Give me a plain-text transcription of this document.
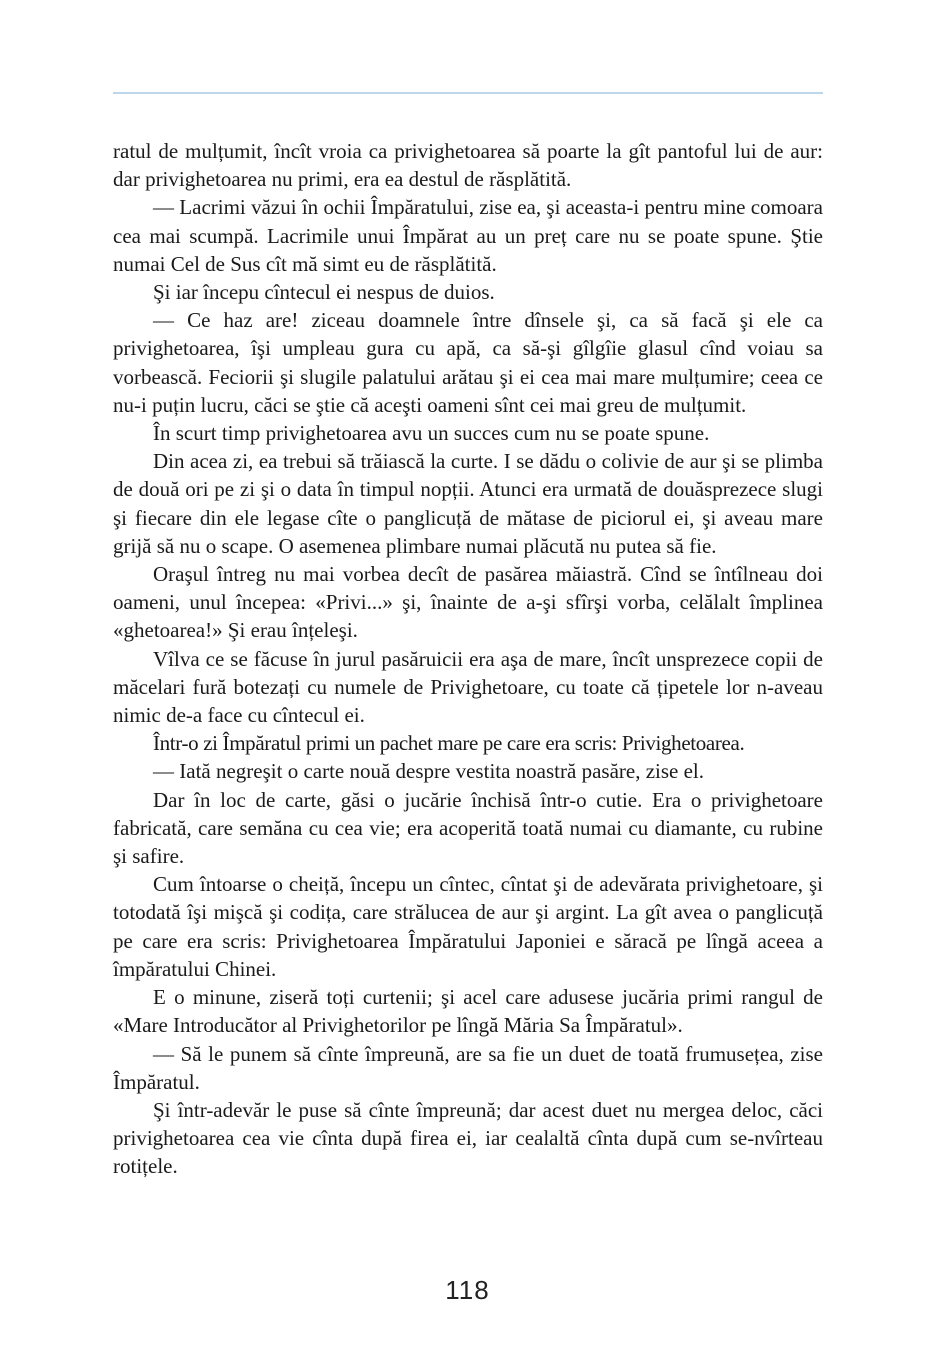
ratul de mulțumit, încît vroia ca privighetoarea să poarte la gît pantoful lui de aur: dar privighetoarea nu primi, era ea destul de răsplătită.

— Lacrimi văzui în ochii Împăratului, zise ea, şi aceasta-i pentru mine comoara cea mai scumpă. Lacrimile unui Împărat au un preț care nu se poate spune. Ştie numai Cel de Sus cît mă simt eu de răsplătită.

Şi iar începu cîntecul ei nespus de duios.

— Ce haz are! ziceau doamnele între dînsele şi, ca să facă şi ele ca privighetoarea, îşi umpleau gura cu apă, ca să-şi gîlgîie glasul cînd voiau sa vorbească. Feciorii şi slugile palatului arătau şi ei cea mai mare mulțumire; ceea ce nu-i puțin lucru, căci se ştie că aceşti oameni sînt cei mai greu de mulțumit.

În scurt timp privighetoarea avu un succes cum nu se poate spune.

Din acea zi, ea trebui să trăiască la curte. I se dădu o colivie de aur şi se plimba de două ori pe zi şi o data în timpul nopții. Atunci era urmată de douăsprezece slugi şi fiecare din ele legase cîte o panglicuță de mătase de piciorul ei, şi aveau mare grijă să nu o scape. O asemenea plimbare numai plăcută nu putea să fie.

Oraşul întreg nu mai vorbea decît de pasărea măiastră. Cînd se întîlneau doi oameni, unul începea: «Privi...» şi, înainte de a-şi sfîrşi vorba, celălalt împlinea «ghetoarea!» Şi erau înțeleşi.

Vîlva ce se făcuse în jurul pasăruicii era aşa de mare, încît unsprezece copii de măcelari fură botezați cu numele de Privighetoare, cu toate că țipetele lor n-aveau nimic de-a face cu cîntecul ei.

Într-o zi Împăratul primi un pachet mare pe care era scris: Privighetoarea.

— Iată negreşit o carte nouă despre vestita noastră pasăre, zise el.

Dar în loc de carte, găsi o jucărie închisă într-o cutie. Era o privighetoare fabricată, care semăna cu cea vie; era acoperită toată numai cu diamante, cu rubine şi safire.

Cum întoarse o cheiță, începu un cîntec, cîntat şi de adevărata privighetoare, şi totodată îşi mişcă şi codița, care strălucea de aur şi argint. La gît avea o panglicuță pe care era scris: Privighetoarea Împăratului Japoniei e săracă pe lîngă aceea a împăratului Chinei.

E o minune, ziseră toți curtenii; şi acel care adusese jucăria primi rangul de «Mare Introducător al Privighetorilor pe lîngă Măria Sa Împăratul».

— Să le punem să cînte împreună, are sa fie un duet de toată frumusețea, zise Împăratul.

Şi într-adevăr le puse să cînte împreună; dar acest duet nu mergea deloc, căci privighetoarea cea vie cînta după firea ei, iar cealaltă cînta după cum se-nvîrteau rotițele.

118
